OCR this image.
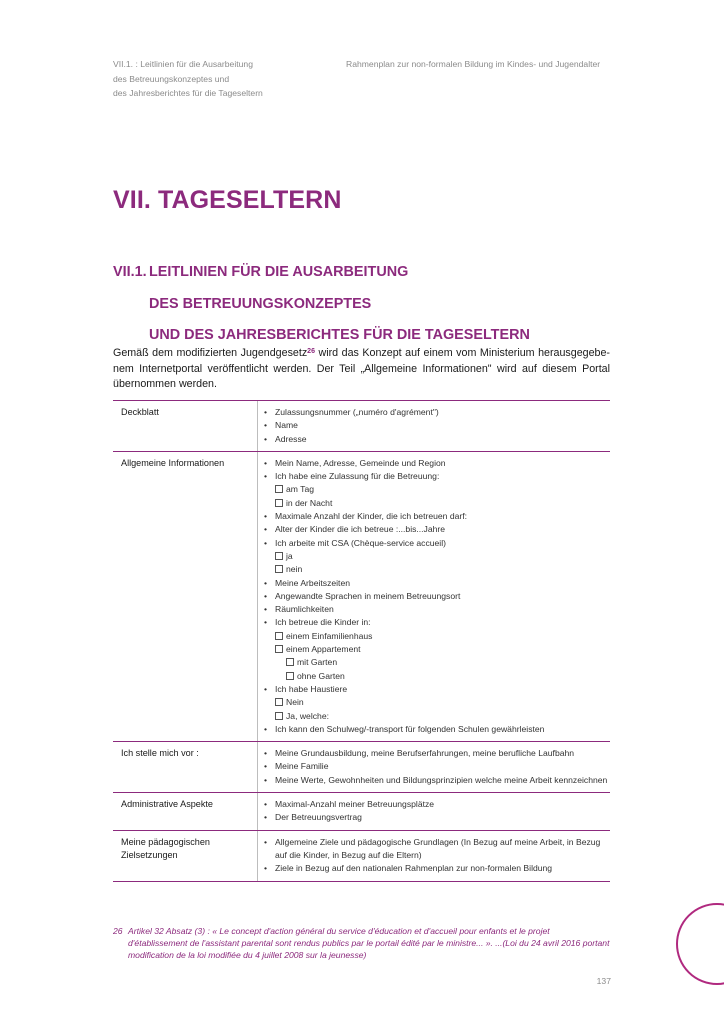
VII.1. : Leitlinien für die Ausarbeitung
des Betreuungskonzeptes und
des Jahresberichtes für die Tageseltern
Rahmenplan zur non-formalen Bildung im Kindes- und Jugendalter
VII. TAGESELTERN
VII.1. LEITLINIEN FÜR DIE AUSARBEITUNG
DES BETREUUNGSKONZEPTES
UND DES JAHRESBERICHTES FÜR DIE TAGESELTERN
Gemäß dem modifizierten Jugendgesetz$^{26}$ wird das Konzept auf einem vom Ministerium herausgegebe-nem Internetportal veröffentlicht werden. Der Teil „Allgemeine Informationen" wird auf diesem Portal übernommen werden.
Deckblatt	• Zulassungsnummer („numéro d'agrément")
• Name
• Adresse
Allgemeine Informationen	• Mein Name, Adresse, Gemeinde und Region
• Ich habe eine Zulassung für die Betreuung:
am Tag
in der Nacht
• Maximale Anzahl der Kinder, die ich betreuen darf:
• Alter der Kinder die ich betreue :...bis...Jahre
• Ich arbeite mit CSA (Chèque-service accueil)
ja
nein
• Meine Arbeitszeiten
• Angewandte Sprachen in meinem Betreuungsort
• Räumlichkeiten
• Ich betreue die Kinder in:
einem Einfamilienhaus
einem Appartement
mit Garten
ohne Garten
• Ich habe Haustiere
Nein
Ja, welche:
• Ich kann den Schulweg/-transport für folgenden Schulen gewährleisten
Ich stelle mich vor :	• Meine Grundausbildung, meine Berufserfahrungen, meine berufliche Laufbahn
• Meine Familie
• Meine Werte, Gewohnheiten und Bildungsprinzipien welche meine Arbeit kennzeichnen
Administrative Aspekte	• Maximal-Anzahl meiner Betreuungsplätze
• Der Betreuungsvertrag
Meine pädagogischen Zielsetzungen
• Allgemeine Ziele und pädagogische Grundlagen (In Bezug auf meine Arbeit, in Bezug auf die Kinder, in Bezug auf die Eltern)
• Ziele in Bezug auf den nationalen Rahmenplan zur non-formalen Bildung
26 Artikel 32 Absatz (3) : « Le concept d'action général du service d'éducation et d'accueil pour enfants et le projet d'établissement de l'assistant parental sont rendus publics par le portail édité par le ministre... ». ...(Loi du 24 avril 2016 portant modification de la loi modifiée du 4 juillet 2008 sur la jeunesse)
137
